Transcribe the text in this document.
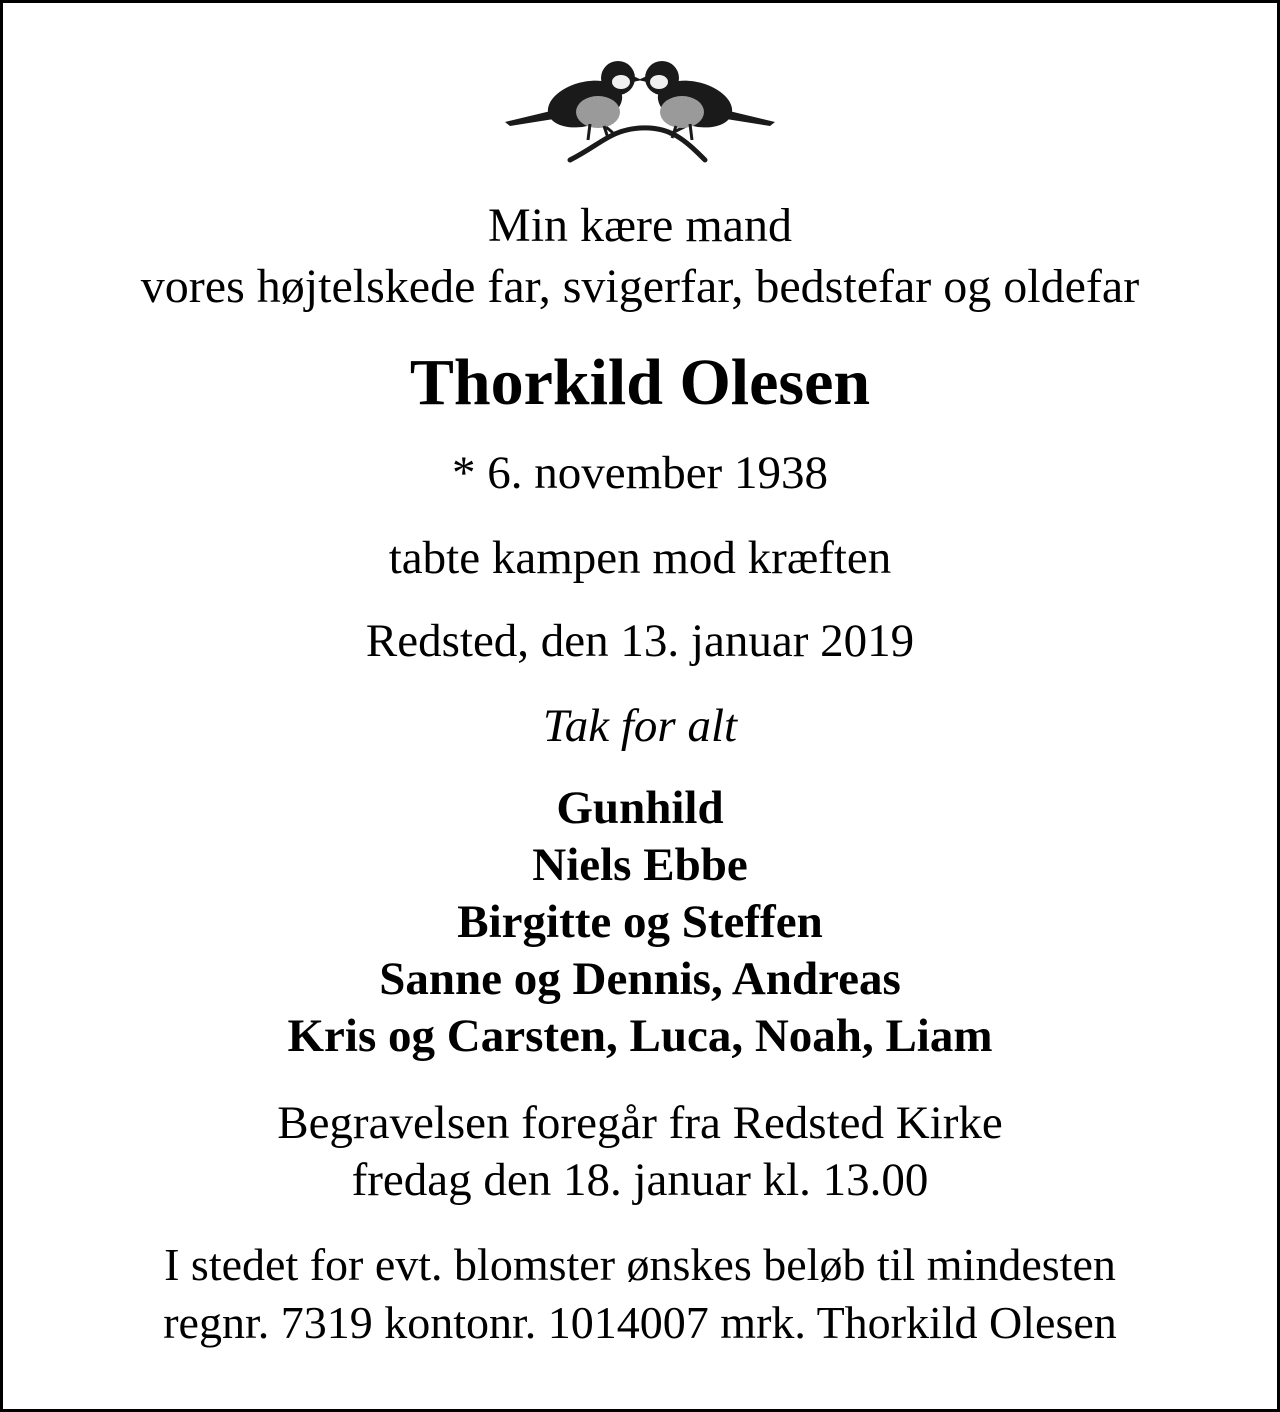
Min kære mand
vores højtelskede far, svigerfar, bedstefar og oldefar
Thorkild Olesen
* 6. november 1938
tabte kampen mod kræften
Redsted, den 13. januar 2019
Tak for alt
Gunhild
Niels Ebbe
Birgitte og Steffen
Sanne og Dennis, Andreas
Kris og Carsten, Luca, Noah, Liam
Begravelsen foregår fra Redsted Kirke
fredag den 18. januar kl. 13.00
I stedet for evt. blomster ønskes beløb til mindesten
regnr. 7319 kontonr. 1014007 mrk. Thorkild Olesen
